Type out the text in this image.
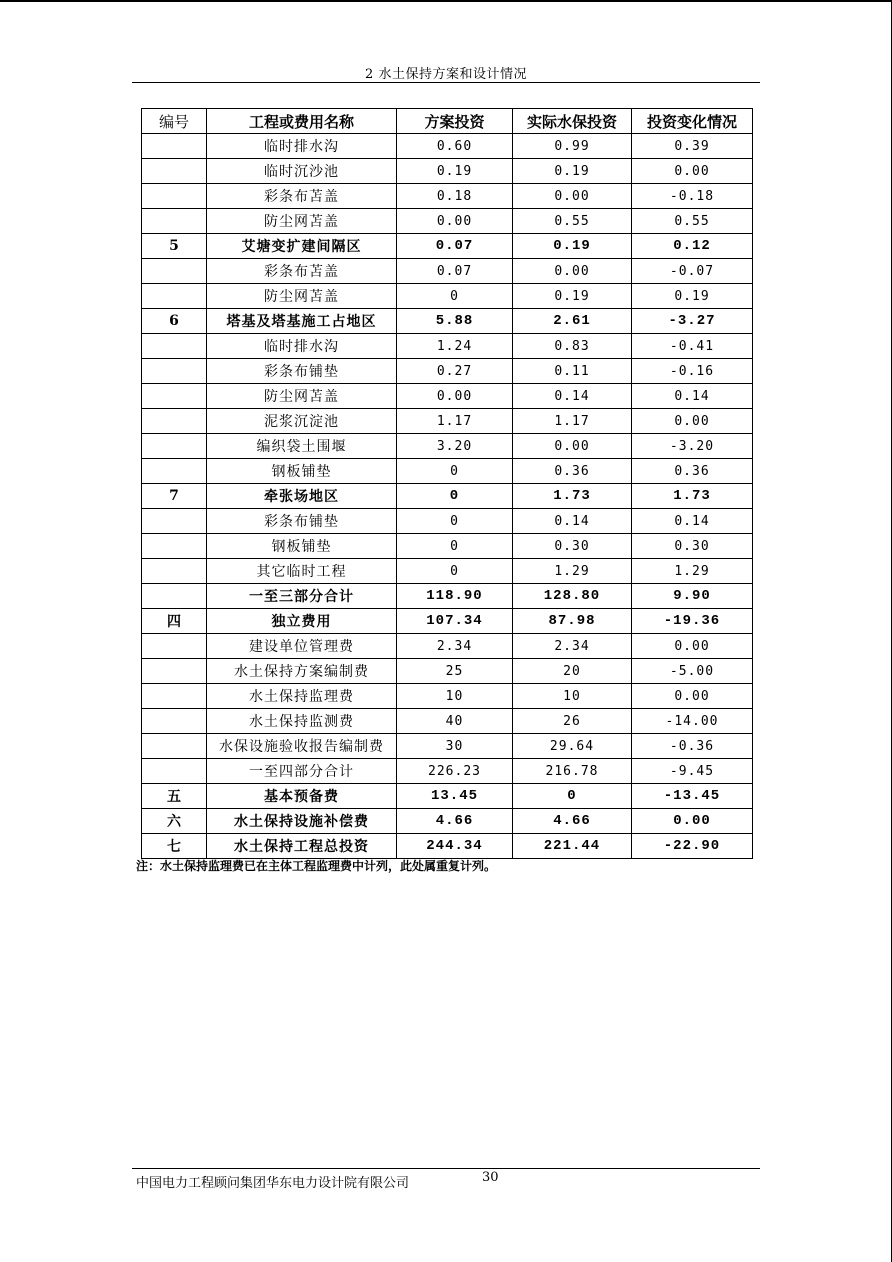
2 水土保持方案和设计情况
编号	工程或费用名称	方案投资	实际水保投资	投资变化情况
	临时排水沟	0.60	0.99	0.39
	临时沉沙池	0.19	0.19	0.00
	彩条布苫盖	0.18	0.00	-0.18
	防尘网苫盖	0.00	0.55	0.55
5	艾塘变扩建间隔区	0.07	0.19	0.12
	彩条布苫盖	0.07	0.00	-0.07
	防尘网苫盖	0	0.19	0.19
6	塔基及塔基施工占地区	5.88	2.61	-3.27
	临时排水沟	1.24	0.83	-0.41
	彩条布铺垫	0.27	0.11	-0.16
	防尘网苫盖	0.00	0.14	0.14
	泥浆沉淀池	1.17	1.17	0.00
	编织袋土围堰	3.20	0.00	-3.20
	钢板铺垫	0	0.36	0.36
7	牵张场地区	0	1.73	1.73
	彩条布铺垫	0	0.14	0.14
	钢板铺垫	0	0.30	0.30
	其它临时工程	0	1.29	1.29
	一至三部分合计	118.90	128.80	9.90
四	独立费用	107.34	87.98	-19.36
	建设单位管理费	2.34	2.34	0.00
	水土保持方案编制费	25	20	-5.00
	水土保持监理费	10	10	0.00
	水土保持监测费	40	26	-14.00
	水保设施验收报告编制费	30	29.64	-0.36
	一至四部分合计	226.23	216.78	-9.45
五	基本预备费	13.45	0	-13.45
六	水土保持设施补偿费	4.66	4.66	0.00
七	水土保持工程总投资	244.34	221.44	-22.90
注：水土保持监理费已在主体工程监理费中计列，此处属重复计列。
中国电力工程顾问集团华东电力设计院有限公司	30
